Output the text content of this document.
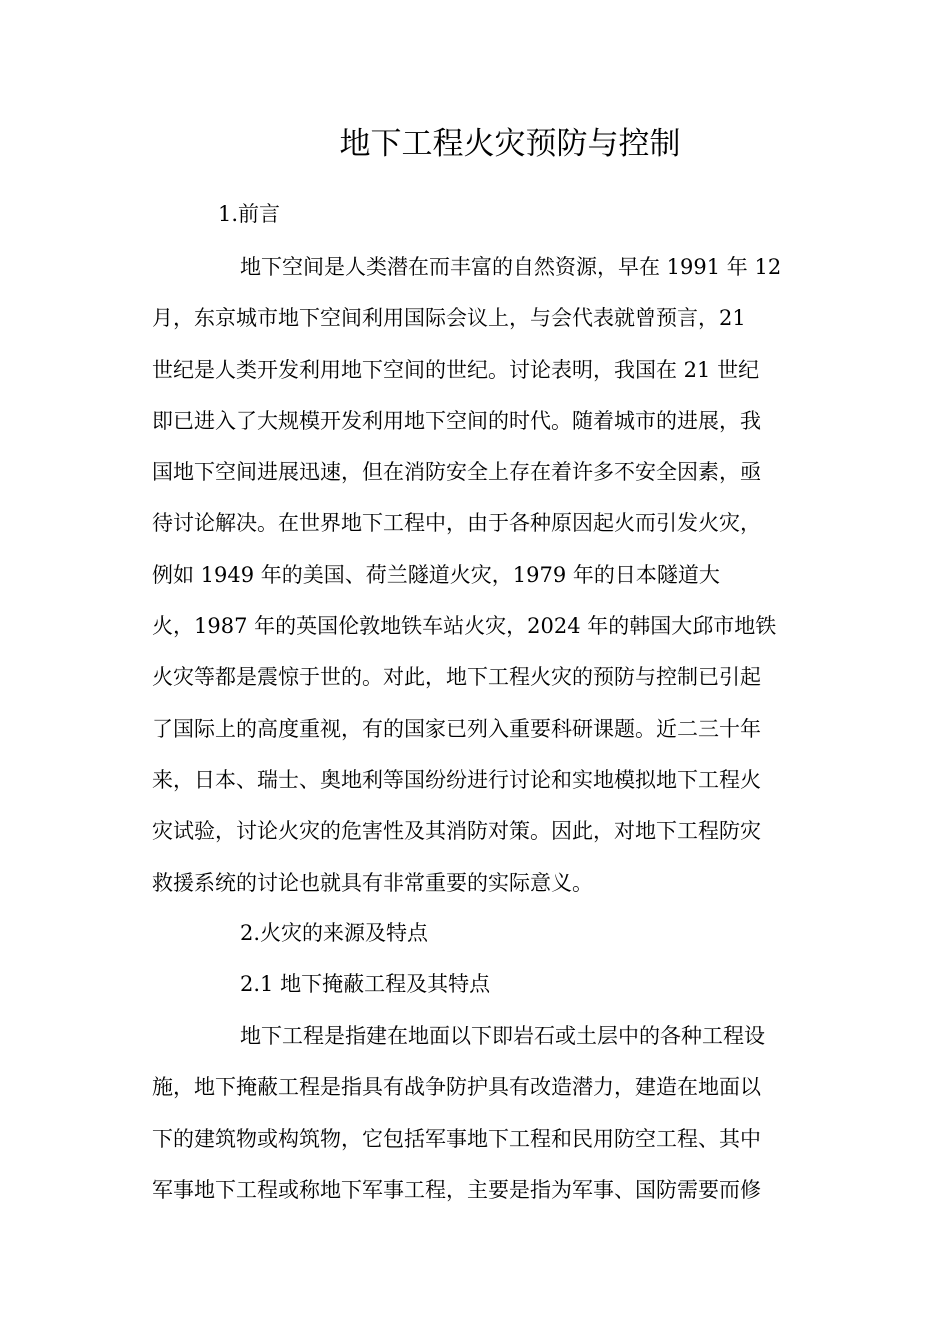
地下工程火灾预防与控制
1.前言
地下空间是人类潜在而丰富的自然资源，早在 1991 年 12
月，东京城市地下空间利用国际会议上，与会代表就曾预言，21
世纪是人类开发利用地下空间的世纪。讨论表明，我国在 21 世纪
即已进入了大规模开发利用地下空间的时代。随着城市的进展，我
国地下空间进展迅速，但在消防安全上存在着许多不安全因素，亟
待讨论解决。在世界地下工程中，由于各种原因起火而引发火灾，
例如 1949 年的美国、荷兰隧道火灾，1979 年的日本隧道大
火，1987 年的英国伦敦地铁车站火灾，2024 年的韩国大邱市地铁
火灾等都是震惊于世的。对此，地下工程火灾的预防与控制已引起
了国际上的高度重视，有的国家已列入重要科研课题。近二三十年
来，日本、瑞士、奥地利等国纷纷进行讨论和实地模拟地下工程火
灾试验，讨论火灾的危害性及其消防对策。因此，对地下工程防灾
救援系统的讨论也就具有非常重要的实际意义。
2.火灾的来源及特点
2.1 地下掩蔽工程及其特点
地下工程是指建在地面以下即岩石或土层中的各种工程设
施，地下掩蔽工程是指具有战争防护具有改造潜力，建造在地面以
下的建筑物或构筑物，它包括军事地下工程和民用防空工程、其中
军事地下工程或称地下军事工程，主要是指为军事、国防需要而修
